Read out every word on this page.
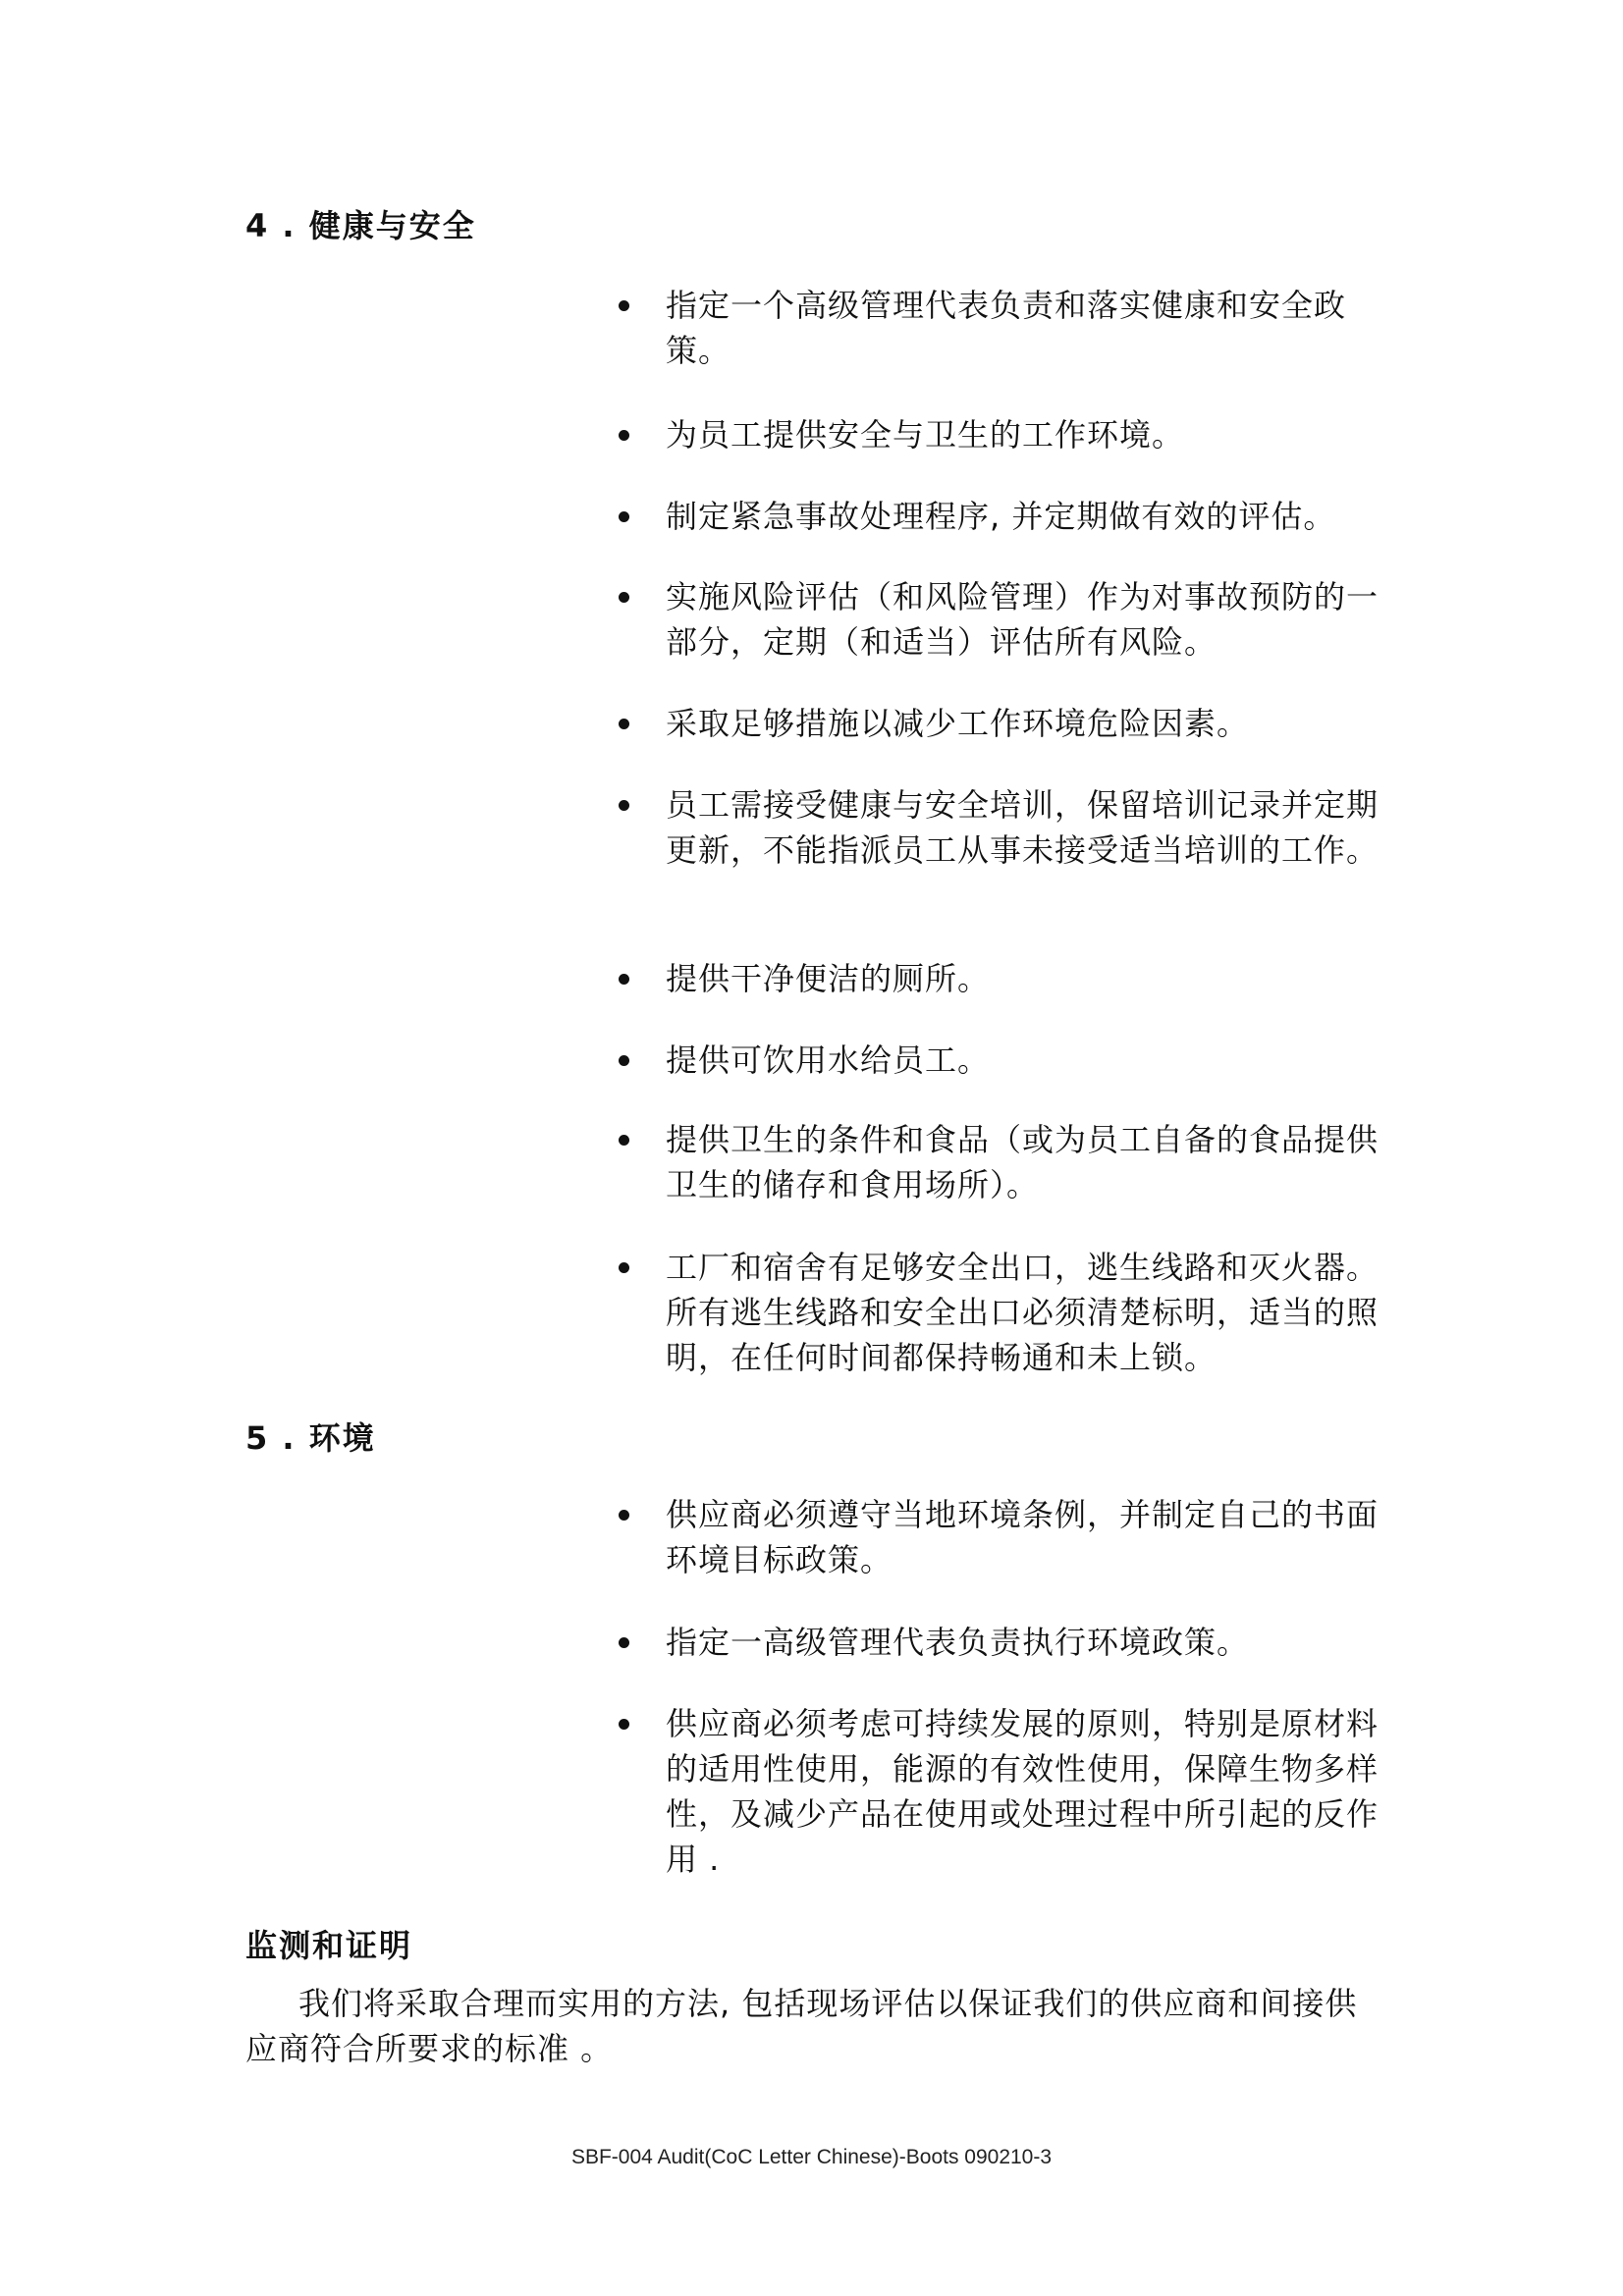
4 . 健康与安全
指定一个高级管理代表负责和落实健康和安全政策。
为员工提供安全与卫生的工作环境。
制定紧急事故处理程序, 并定期做有效的评估。
实施风险评估（和风险管理）作为对事故预防的一部分，定期（和适当）评估所有风险。
采取足够措施以减少工作环境危险因素。
员工需接受健康与安全培训，保留培训记录并定期更新，不能指派员工从事未接受适当培训的工作。
提供干净便洁的厕所。
提供可饮用水给员工。
提供卫生的条件和食品（或为员工自备的食品提供卫生的储存和食用场所）。
工厂和宿舍有足够安全出口，逃生线路和灭火器。所有逃生线路和安全出口必须清楚标明，适当的照明，在任何时间都保持畅通和未上锁。
5 . 环境
供应商必须遵守当地环境条例，并制定自己的书面环境目标政策。
指定一高级管理代表负责执行环境政策。
供应商必须考虑可持续发展的原则，特别是原材料的适用性使用，能源的有效性使用，保障生物多样性，及减少产品在使用或处理过程中所引起的反作用 .
监测和证明

我们将采取合理而实用的方法, 包括现场评估以保证我们的供应商和间接供应商符合所要求的标准 。

SBF-004 Audit(CoC Letter Chinese)-Boots 090210-3
